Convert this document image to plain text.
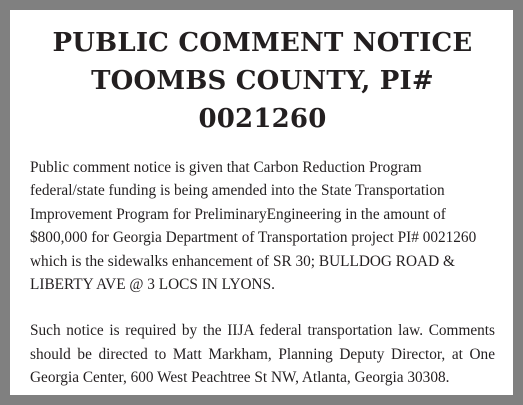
PUBLIC COMMENT NOTICE
TOOMBS COUNTY, PI# 0021260

Public comment notice is given that Carbon Reduction Program federal/state funding is being amended into the State Transportation Improvement Program for PreliminaryEngineering in the amount of $800,000 for Georgia Department of Transportation project PI# 0021260 which is the sidewalks enhancement of SR 30; BULLDOG ROAD & LIBERTY AVE @ 3 LOCS IN LYONS.

Such notice is required by the IIJA federal transportation law. Comments should be directed to Matt Markham, Planning Deputy Director, at One Georgia Center, 600 West Peachtree St NW, Atlanta, Georgia 30308.
